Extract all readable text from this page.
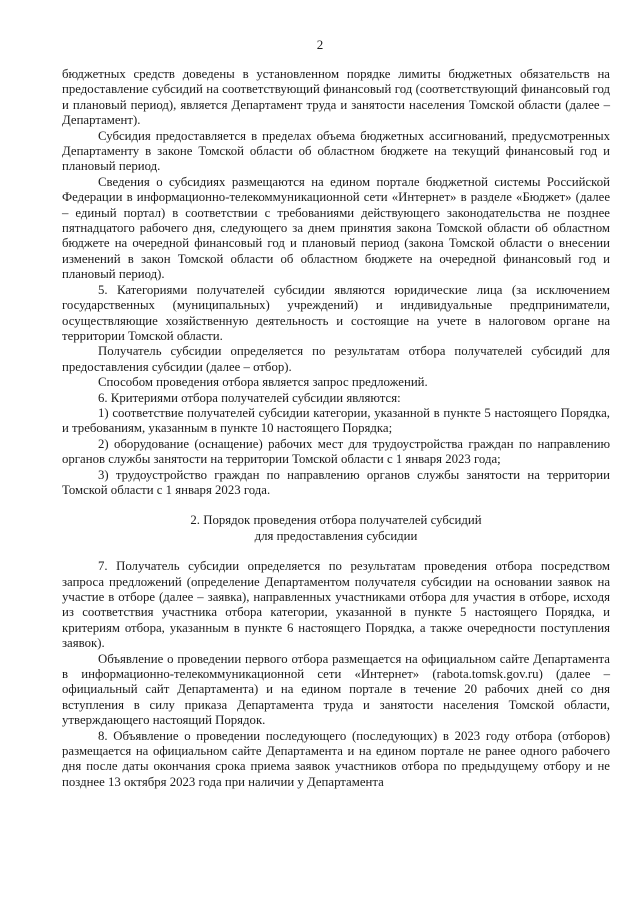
2

бюджетных средств доведены в установленном порядке лимиты бюджетных обязательств на предоставление субсидий на соответствующий финансовый год (соответствующий финансовый год и плановый период), является Департамент труда и занятости населения Томской области (далее – Департамент).

Субсидия предоставляется в пределах объема бюджетных ассигнований, предусмотренных Департаменту в законе Томской области об областном бюджете на текущий финансовый год и плановый период.

Сведения о субсидиях размещаются на едином портале бюджетной системы Российской Федерации в информационно-телекоммуникационной сети «Интернет» в разделе «Бюджет» (далее – единый портал) в соответствии с требованиями действующего законодательства не позднее пятнадцатого рабочего дня, следующего за днем принятия закона Томской области об областном бюджете на очередной финансовый год и плановый период (закона Томской области о внесении изменений в закон Томской области об областном бюджете на очередной финансовый год и плановый период).

5. Категориями получателей субсидии являются юридические лица (за исключением государственных (муниципальных) учреждений) и индивидуальные предприниматели, осуществляющие хозяйственную деятельность и состоящие на учете в налоговом органе на территории Томской области.

Получатель субсидии определяется по результатам отбора получателей субсидий для предоставления субсидии (далее – отбор).

Способом проведения отбора является запрос предложений.

6. Критериями отбора получателей субсидии являются:

1) соответствие получателей субсидии категории, указанной в пункте 5 настоящего Порядка, и требованиям, указанным в пункте 10 настоящего Порядка;

2) оборудование (оснащение) рабочих мест для трудоустройства граждан по направлению органов службы занятости на территории Томской области с 1 января 2023 года;

3) трудоустройство граждан по направлению органов службы занятости на территории Томской области с 1 января 2023 года.

2. Порядок проведения отбора получателей субсидий
для предоставления субсидии

7. Получатель субсидии определяется по результатам проведения отбора посредством запроса предложений (определение Департаментом получателя субсидии на основании заявок на участие в отборе (далее – заявка), направленных участниками отбора для участия в отборе, исходя из соответствия участника отбора категории, указанной в пункте 5 настоящего Порядка, и критериям отбора, указанным в пункте 6 настоящего Порядка, а также очередности поступления заявок).

Объявление о проведении первого отбора размещается на официальном сайте Департамента в информационно-телекоммуникационной сети «Интернет» (rabota.tomsk.gov.ru) (далее – официальный сайт Департамента) и на едином портале в течение 20 рабочих дней со дня вступления в силу приказа Департамента труда и занятости населения Томской области, утверждающего настоящий Порядок.

8. Объявление о проведении последующего (последующих) в 2023 году отбора (отборов) размещается на официальном сайте Департамента и на едином портале не ранее одного рабочего дня после даты окончания срока приема заявок участников отбора по предыдущему отбору и не позднее 13 октября 2023 года при наличии у Департамента
